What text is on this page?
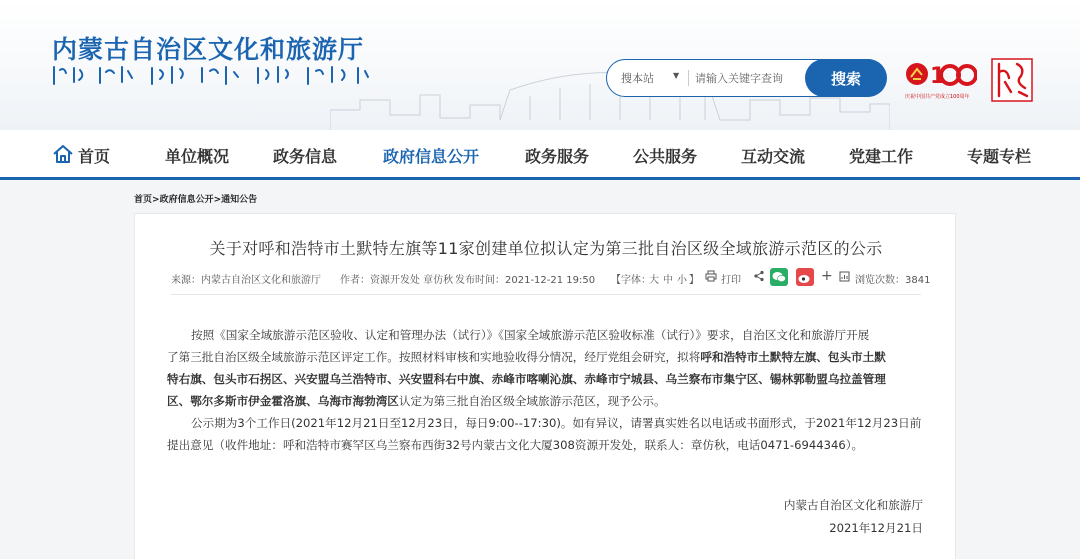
内蒙古自治区文化和旅游厅
搜本站 ▼
请输入关键字查询	搜索	1
庆祝中国共产党成立100周年
首页	单位概况	政务信息	政府信息公开	政务服务	公共服务	互动交流	党建工作	专题专栏
首页>政府信息公开>通知公告
关于对呼和浩特市土默特左旗等11家创建单位拟认定为第三批自治区级全域旅游示范区的公示
来源：内蒙古自治区文化和旅游厅 作者：资源开发处 章仿秋 发布时间：2021-12-21 19:50 【字体：
大 中 小 】 打印	+ 浏览次数：3841
按照《国家全域旅游示范区验收、认定和管理办法（试行）》《国家全域旅游示范区验收标准（试行）》要求，自治区文化和旅游厅开展
了第三批自治区级全域旅游示范区评定工作。按照材料审核和实地验收得分情况，经厅党组会研究，拟将呼和浩特市土默特左旗、包头市土默
特右旗、包头市石拐区、兴安盟乌兰浩特市、兴安盟科右中旗、赤峰市喀喇沁旗、赤峰市宁城县、乌兰察布市集宁区、锡林郭勒盟乌拉盖管理
区、鄂尔多斯市伊金霍洛旗、乌海市海勃湾区认定为第三批自治区级全域旅游示范区，现予公示。
公示期为3个工作日(2021年12月21日至12月23日，每日9:00--17:30)。如有异议，请署真实姓名以电话或书面形式，于2021年12月23日前
提出意见（收件地址：呼和浩特市赛罕区乌兰察布西街32号内蒙古文化大厦308资源开发处，联系人：章仿秋，电话0471-6944346）。
内蒙古自治区文化和旅游厅
2021年12月21日
